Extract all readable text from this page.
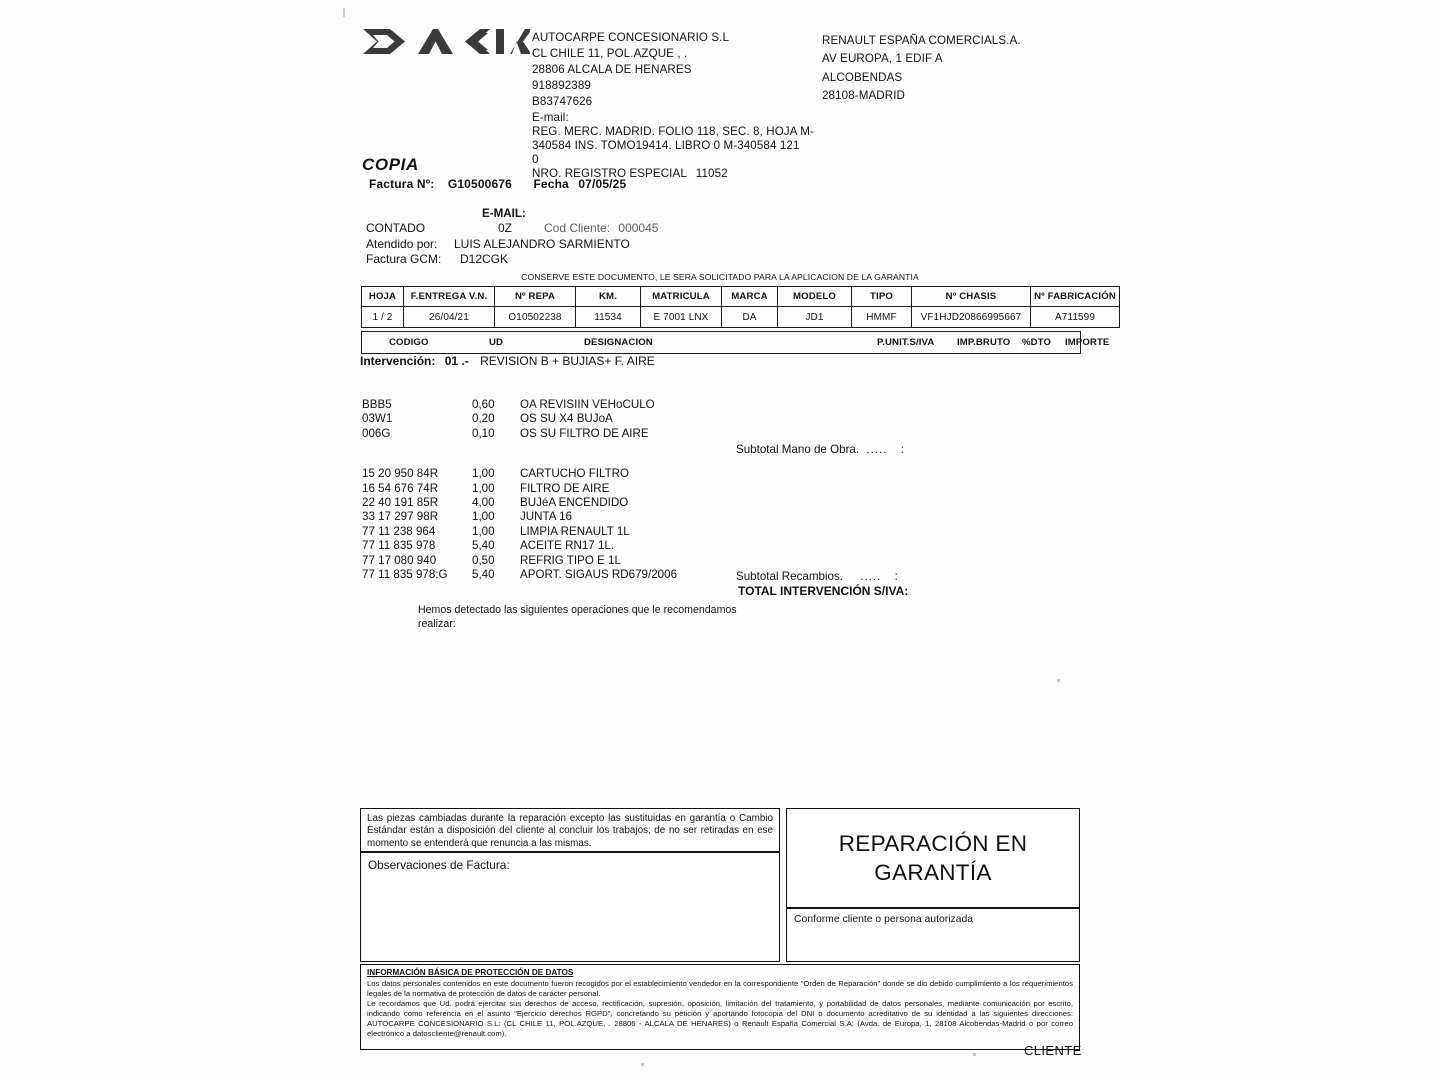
AUTOCARPE CONCESIONARIO S.L
CL CHILE 11, POL.AZQUE , .
28806 ALCALA DE HENARES
918892389
B83747626
E-mail:
REG. MERC. MADRID. FOLIO 118, SEC. 8, HOJA M-
340584 INS. TOMO19414. LIBRO 0 M-340584 121
0
NRO. REGISTRO ESPECIAL 11052
RENAULT ESPAÑA COMERCIALS.A.
AV EUROPA, 1 EDIF A
ALCOBENDAS
28108-MADRID
COPIA
Factura Nº: G10500676 Fecha 07/05/25
E-MAIL:
CONTADO	0Z	Cod Cliente: 000045
Atendido por: LUIS ALEJANDRO SARMIENTO
Factura GCM: D12CGK
CONSERVE ESTE DOCUMENTO, LE SERA SOLICITADO PARA LA APLICACION DE LA GARANTIA
HOJA	F.ENTREGA V.N.	Nº REPA	KM.	MATRICULA	MARCA	MODELO	TIPO	Nº CHASIS	Nº FABRICACIÓN
1 / 2	26/04/21	O10502238	11534	E 7001 LNX	DA	JD1	HMMF	VF1HJD20866995667	A711599
CODIGO	UD	DESIGNACION	P.UNIT.S/IVA IMP.BRUTO %DTO IMPORTE
Intervención: 01 .- REVISION B + BUJIAS+ F. AIRE
BBB5	0,60 OA REVISIIN VEHoCULO
03W1	0,20 OS SU X4 BUJoA
006G	0,10 OS SU FILTRO DE AIRE
15 20 950 84R	1,00 CARTUCHO FILTRO
16 54 676 74R	1,00 FILTRO DE AIRE
22 40 191 85R	4,00 BUJéA ENCENDIDO
33 17 297 98R	1,00 JUNTA 16
77 11 238 964	1,00 LIMPIA RENAULT 1L
77 11 835 978	5,40 ACEITE RN17 1L.
77 17 080 940	0,50 REFRIG TIPO E 1L
77 11 835 978:G 5,40 APORT. SIGAUS RD679/2006
Subtotal Mano de Obra. ..... :
Subtotal Recambios. ..... :
TOTAL INTERVENCIÓN S/IVA:
Hemos detectado las siguientes operaciones que le recomendamos realizar:
Las piezas cambiadas durante la reparación excepto las sustituidas en garantía o Cambio Estándar están a disposición del cliente al concluir los trabajos; de no ser retiradas en ese momento se entenderá que renuncia a las mismas.
Observaciones de Factura:
REPARACIÓN EN
GARANTÍA
Conforme cliente o persona autorizada
INFORMACIÓN BÁSICA DE PROTECCIÓN DE DATOS

Los datos personales contenidos en este documento fueron recogidos por el establecimiento vendedor en la correspondiente "Orden de Reparación" donde se dio debido cumplimiento a los requerimientos legales de la normativa de protección de datos de carácter personal.

Le recordamos que Ud. podrá ejercitar sus derechos de acceso, rectificación, supresión, oposición, limitación del tratamiento, y portabilidad de datos personales, mediante comunicación por escrito, indicando como referencia en el asunto "Ejercicio derechos RGPD", concretando su petición y aportando fotocopia del DNI o documento acreditativo de su identidad a las siguientes direcciones: AUTOCARPE CONCESIONARIO S.L: (CL CHILE 11, POL.AZQUE, . 28806 - ALCALA DE HENARES) o Renault España Comercial S.A: (Avda. de Europa, 1, 28108 Alcobendas-Madrid o por correo electrónico a datoscliente@renault.com).

CLIENTE
